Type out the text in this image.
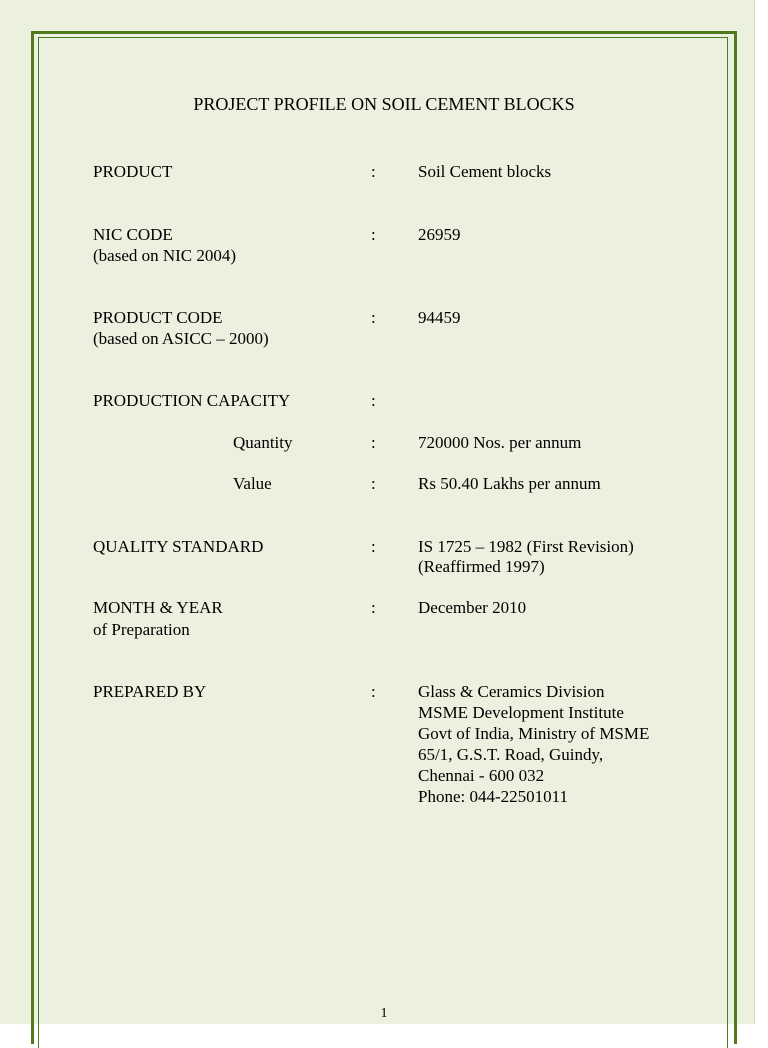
PROJECT PROFILE ON SOIL CEMENT BLOCKS
PRODUCT	: Soil Cement blocks
NIC CODE
(based on NIC 2004)
: 26959
PRODUCT CODE
(based on ASICC – 2000)
: 94459
PRODUCTION CAPACITY	:
Quantity	: 720000 Nos. per annum
Value	: Rs 50.40 Lakhs per annum
QUALITY STANDARD	: IS 1725 – 1982 (First Revision)
(Reaffirmed 1997)
MONTH & YEAR
of Preparation
: December 2010
PREPARED BY	: Glass & Ceramics Division
MSME Development Institute
Govt of India, Ministry of MSME
65/1, G.S.T. Road, Guindy,
Chennai - 600 032
Phone: 044-22501011
1
